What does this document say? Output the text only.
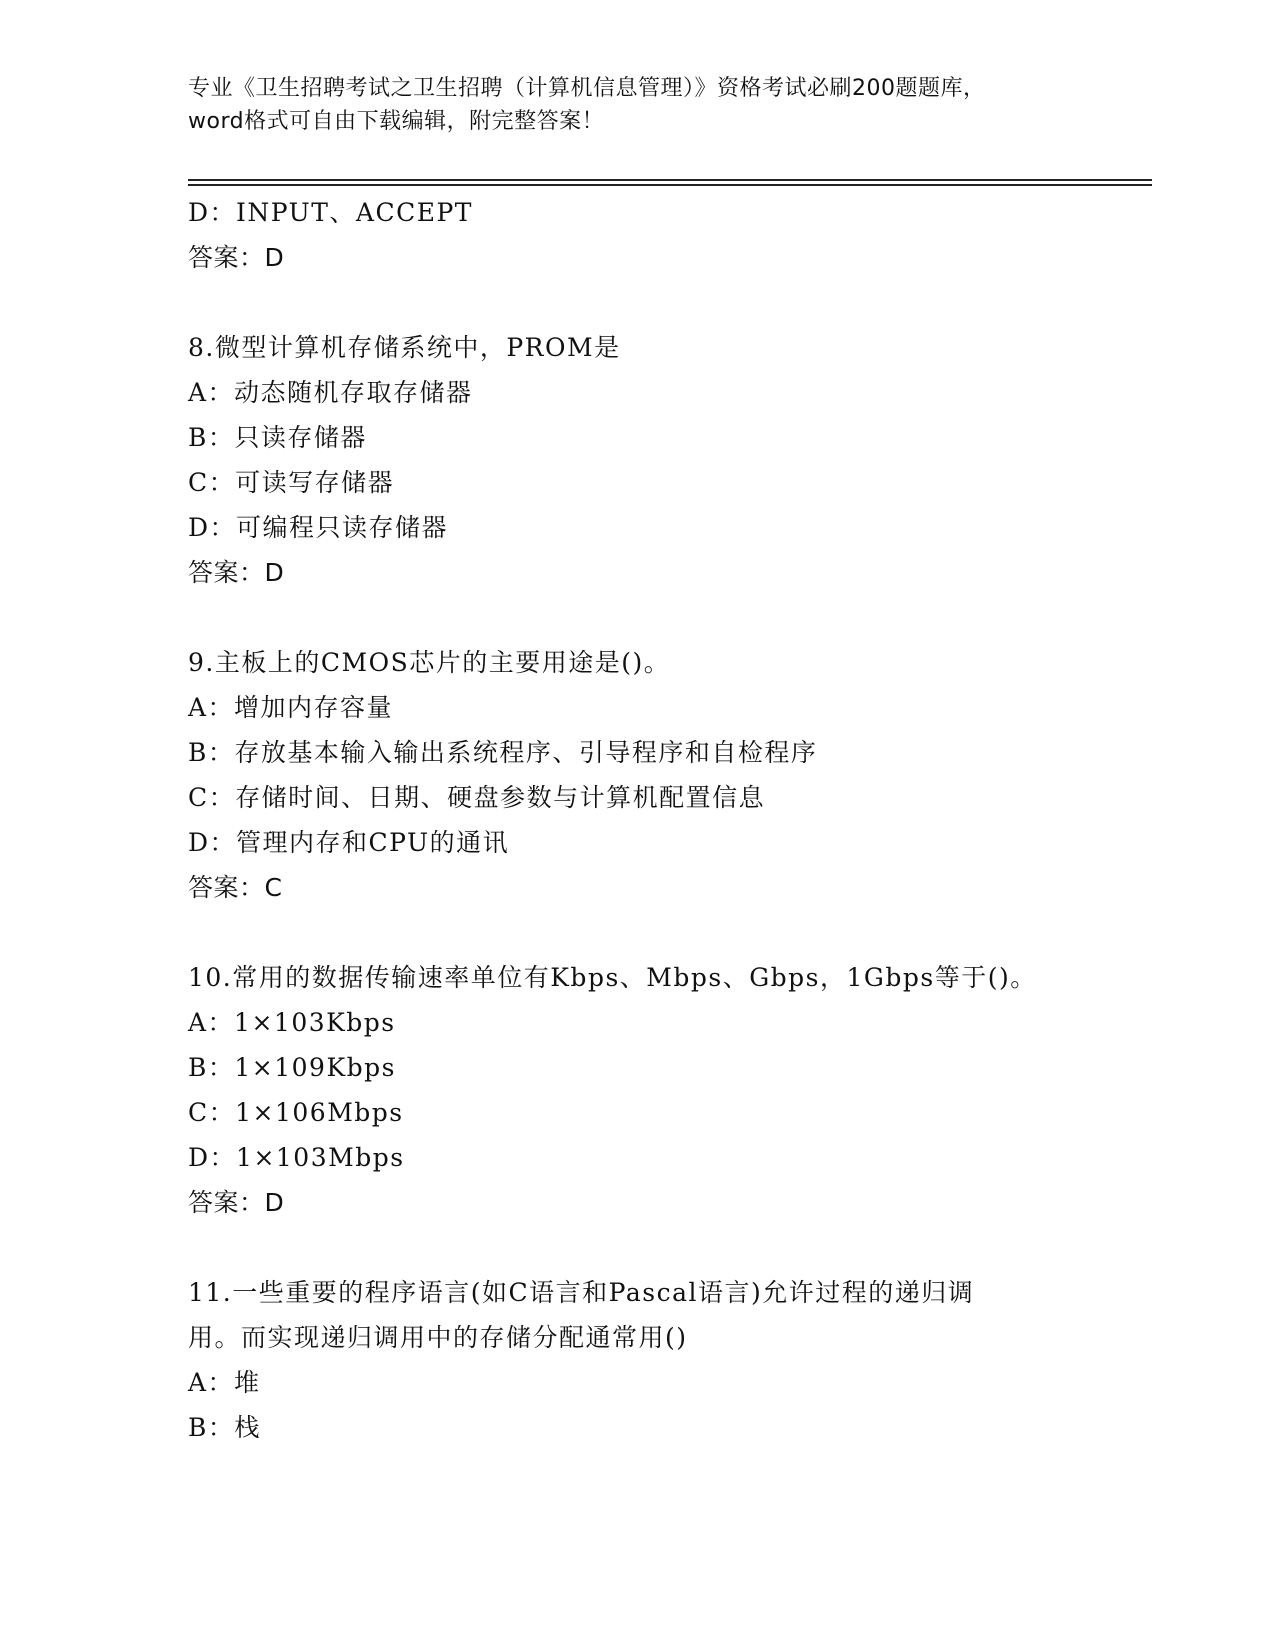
专业《卫生招聘考试之卫生招聘（计算机信息管理）》资格考试必刷200题题库，
word格式可自由下载编辑，附完整答案！
D：INPUT、ACCEPT
答案：D
8.微型计算机存储系统中，PROM是
A：动态随机存取存储器
B：只读存储器
C：可读写存储器
D：可编程只读存储器
答案：D
9.主板上的CMOS芯片的主要用途是()。
A：增加内存容量
B：存放基本输入输出系统程序、引导程序和自检程序
C：存储时间、日期、硬盘参数与计算机配置信息
D：管理内存和CPU的通讯
答案：C
10.常用的数据传输速率单位有Kbps、Mbps、Gbps，1Gbps等于()。
A：1×103Kbps
B：1×109Kbps
C：1×106Mbps
D：1×103Mbps
答案：D
11.一些重要的程序语言(如C语言和Pascal语言)允许过程的递归调
用。而实现递归调用中的存储分配通常用()
A：堆
B：栈
